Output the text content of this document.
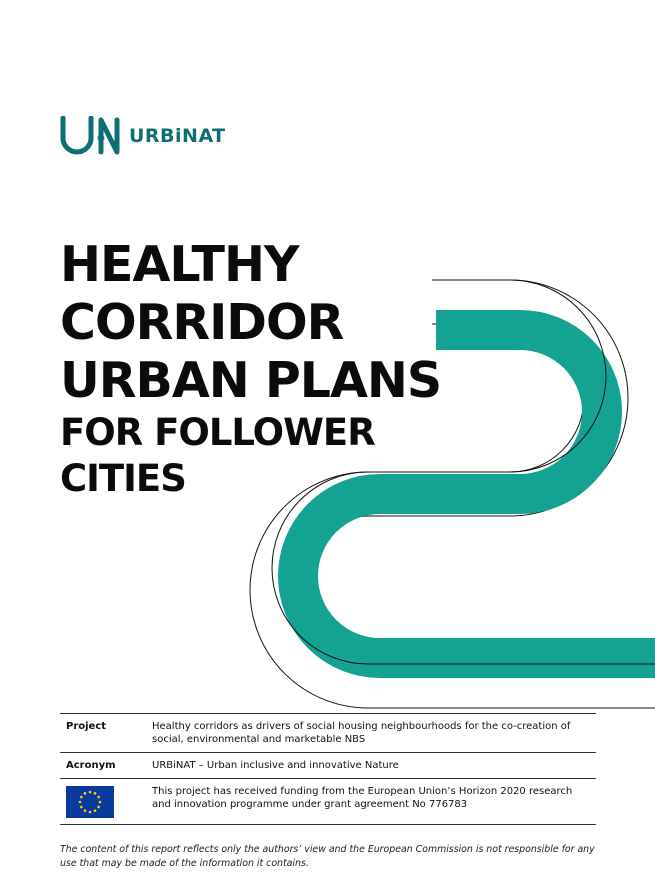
URBiNAT
HEALTHY
CORRIDOR
URBAN PLANS
FOR FOLLOWER
CITIES
Project	Healthy corridors as drivers of social housing neighbourhoods for the co-creation of social, environmental and marketable NBS
Acronym	URBiNAT – Urban inclusive and innovative Nature

	This project has received funding from the European Union’s Horizon 2020 research and innovation programme under grant agreement No 776783

The content of this report reflects only the authors’ view and the European Commission is not responsible for any use that may be made of the information it contains.
